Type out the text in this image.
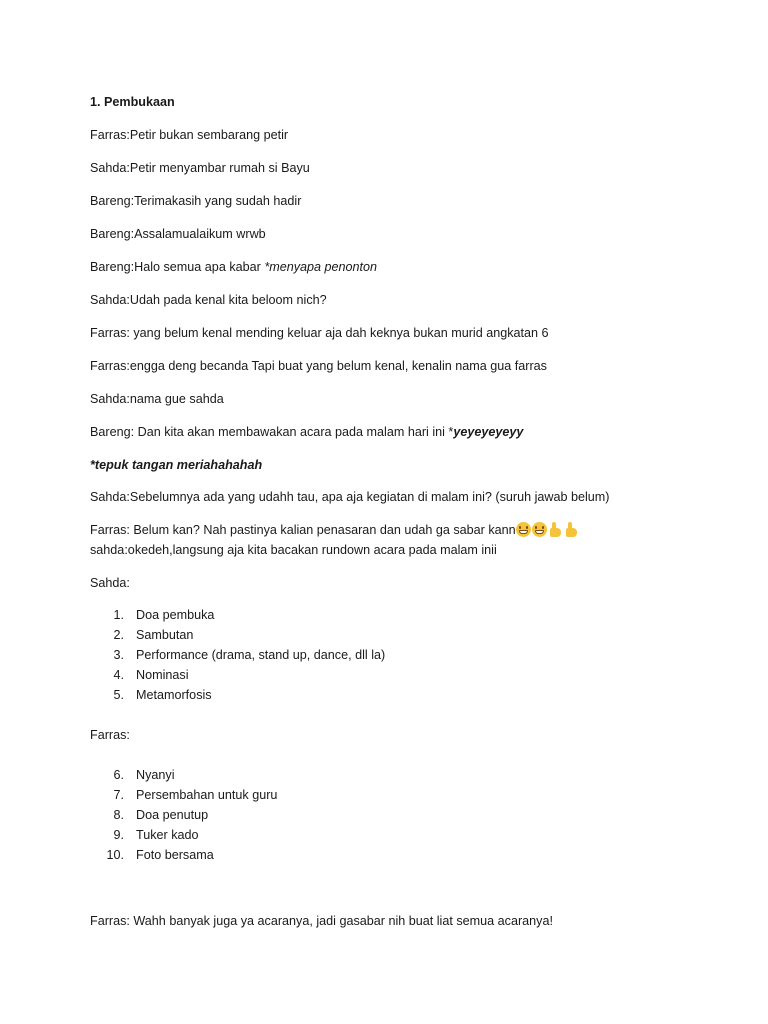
1. Pembukaan
Farras:Petir bukan sembarang petir
Sahda:Petir menyambar rumah si Bayu
Bareng:Terimakasih yang sudah hadir
Bareng:Assalamualaikum wrwb
Bareng:Halo semua apa kabar *menyapa penonton
Sahda:Udah pada kenal kita beloom nich?
Farras: yang belum kenal mending keluar aja dah keknya bukan murid angkatan 6
Farras:engga deng becanda Tapi buat yang belum kenal, kenalin nama gua farras
Sahda:nama gue sahda
Bareng: Dan kita akan membawakan acara pada malam hari ini *yeyeyeyeyy
*tepuk tangan meriahahahah
Sahda:Sebelumnya ada yang udahh tau, apa aja kegiatan di malam ini? (suruh jawab belum)
Farras: Belum kan? Nah pastinya kalian penasaran dan udah ga sabar kann
sahda:okedeh,langsung aja kita bacakan rundown acara pada malam inii
Sahda:
1. Doa pembuka
2. Sambutan
3. Performance (drama, stand up, dance, dll la)
4. Nominasi
5. Metamorfosis
Farras:
6. Nyanyi
7. Persembahan untuk guru
8. Doa penutup
9. Tuker kado
10. Foto bersama
Farras: Wahh banyak juga ya acaranya, jadi gasabar nih buat liat semua acaranya!
